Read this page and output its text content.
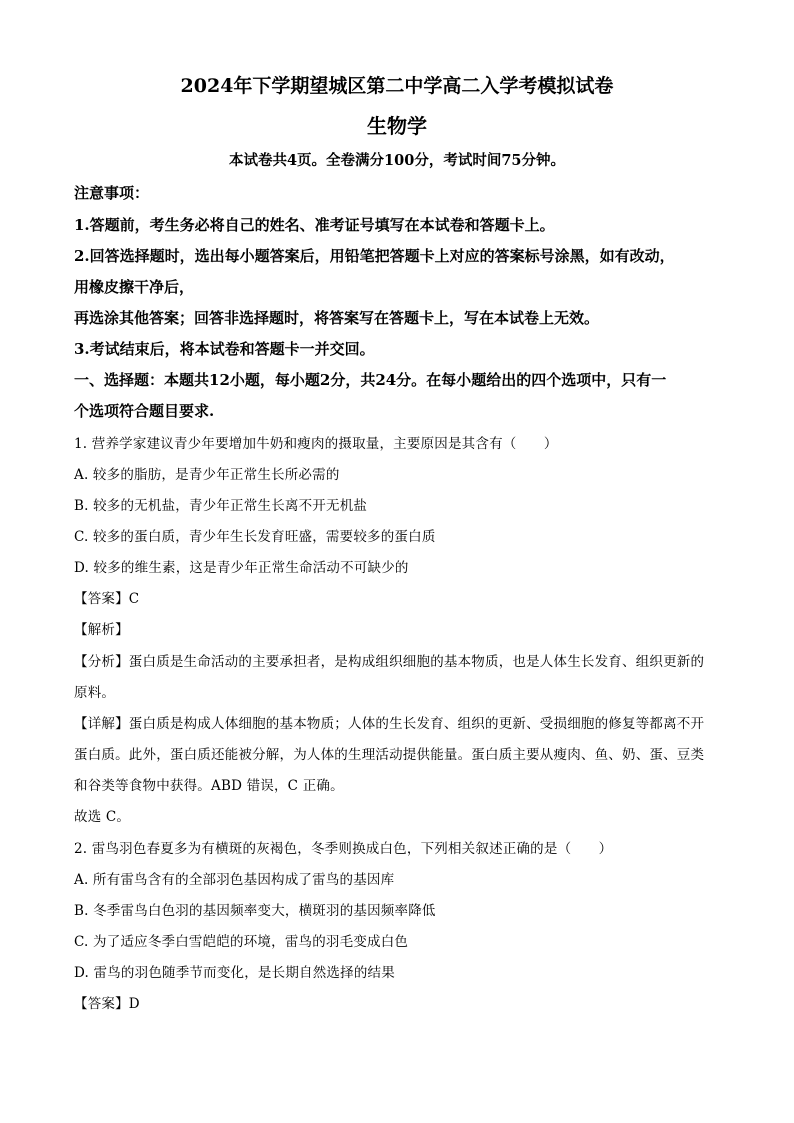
2024年下学期望城区第二中学高二入学考模拟试卷
生物学
本试卷共4页。全卷满分100分，考试时间75分钟。
注意事项：
1.答题前，考生务必将自己的姓名、准考证号填写在本试卷和答题卡上。
2.回答选择题时，选出每小题答案后，用铅笔把答题卡上对应的答案标号涂黑，如有改动，
用橡皮擦干净后，
再选涂其他答案；回答非选择题时，将答案写在答题卡上，写在本试卷上无效。
3.考试结束后，将本试卷和答题卡一并交回。
一、选择题：本题共12小题，每小题2分，共24分。在每小题给出的四个选项中，只有一
个选项符合题目要求.
1. 营养学家建议青少年要增加牛奶和瘦肉的摄取量，主要原因是其含有（　　）
A. 较多的脂肪，是青少年正常生长所必需的
B. 较多的无机盐，青少年正常生长离不开无机盐
C. 较多的蛋白质，青少年生长发育旺盛，需要较多的蛋白质
D. 较多的维生素，这是青少年正常生命活动不可缺少的
【答案】C
【解析】
【分析】蛋白质是生命活动的主要承担者，是构成组织细胞的基本物质，也是人体生长发育、组织更新的
原料。
【详解】蛋白质是构成人体细胞的基本物质；人体的生长发育、组织的更新、受损细胞的修复等都离不开
蛋白质。此外，蛋白质还能被分解，为人体的生理活动提供能量。蛋白质主要从瘦肉、鱼、奶、蛋、豆类
和谷类等食物中获得。ABD 错误，C 正确。
故选 C。
2. 雷鸟羽色春夏多为有横斑的灰褐色，冬季则换成白色，下列相关叙述正确的是（　　）
A. 所有雷鸟含有的全部羽色基因构成了雷鸟的基因库
B. 冬季雷鸟白色羽的基因频率变大，横斑羽的基因频率降低
C. 为了适应冬季白雪皑皑的环境，雷鸟的羽毛变成白色
D. 雷鸟的羽色随季节而变化，是长期自然选择的结果
【答案】D
